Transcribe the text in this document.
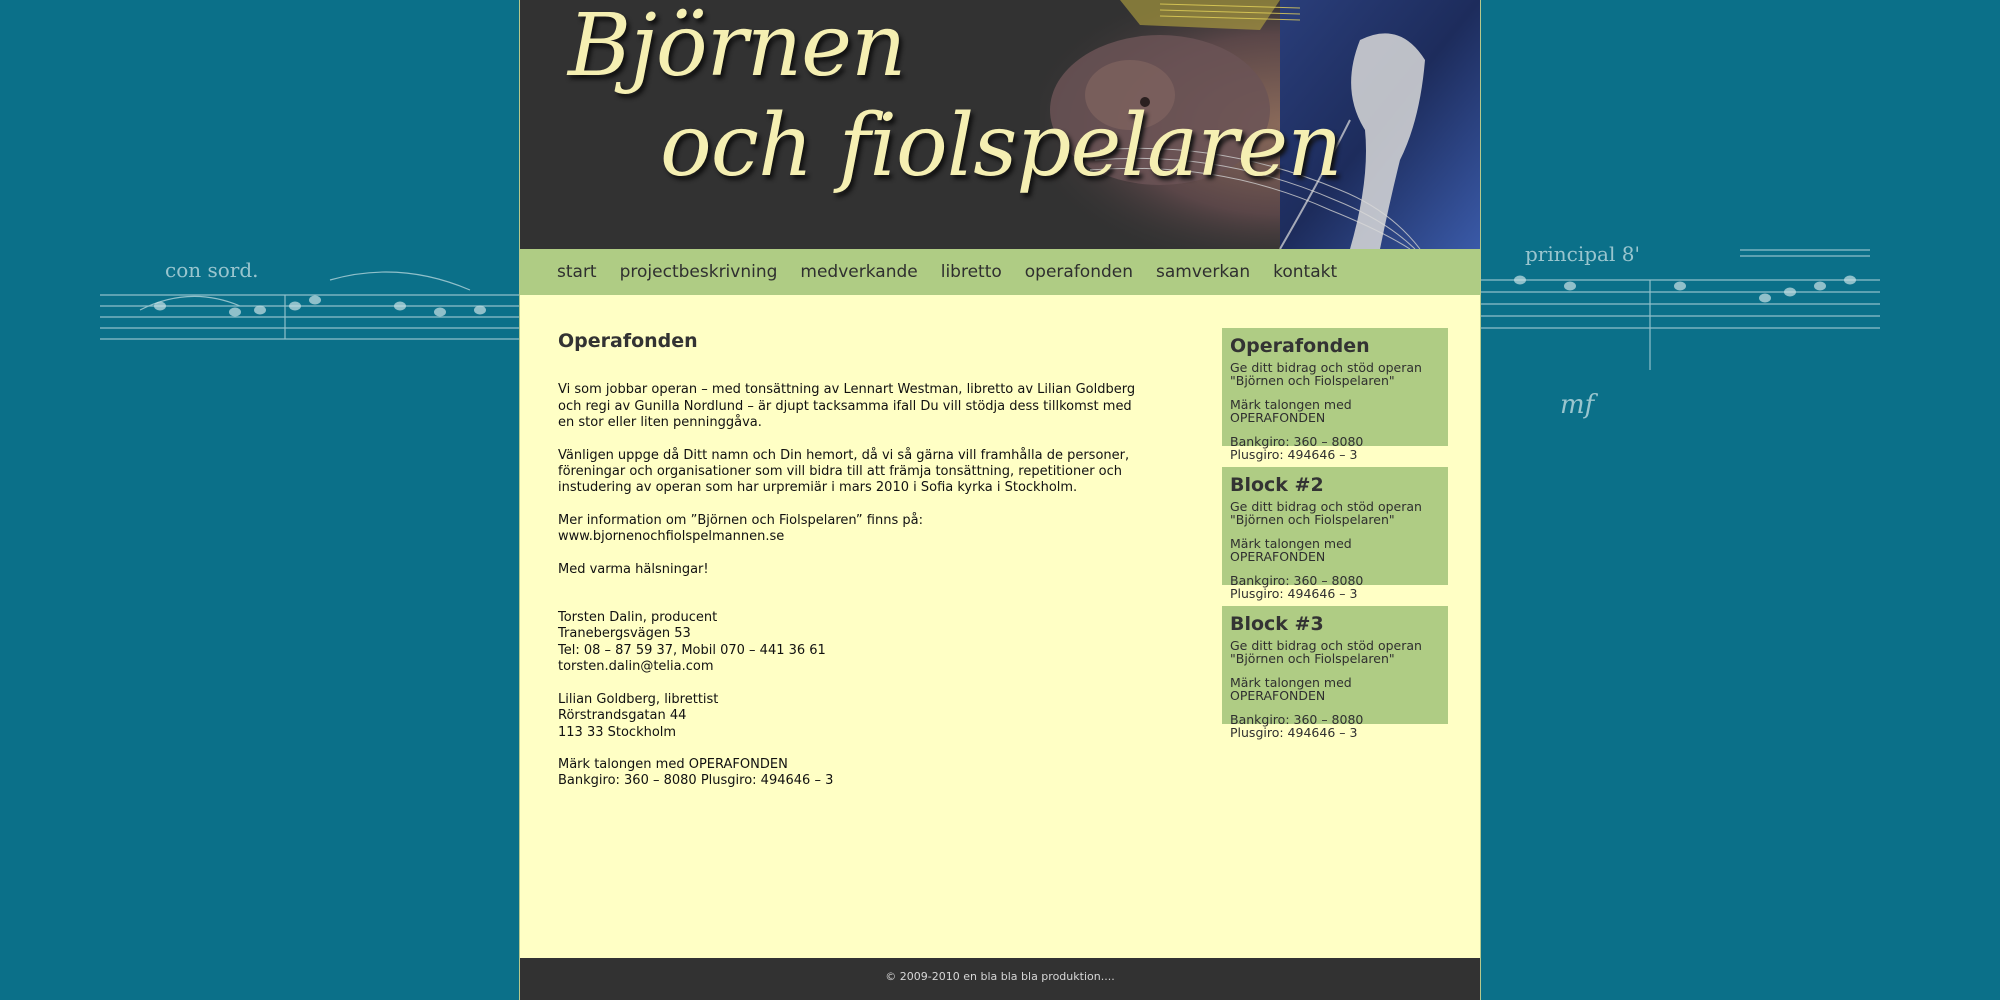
con sord.
principal 8'
mf
Björnen
och fiolspelaren
start projectbeskrivning medverkande libretto operafonden samverkan kontakt
Operafonden

Vi som jobbar operan – med tonsättning av Lennart Westman, libretto av Lilian Goldberg och regi av Gunilla Nordlund – är djupt tacksamma ifall Du vill stödja dess tillkomst med en stor eller liten penninggåva.

Vänligen uppge då Ditt namn och Din hemort, då vi så gärna vill framhålla de personer, föreningar och organisationer som vill bidra till att främja tonsättning, repetitioner och instudering av operan som har urpremiär i mars 2010 i Sofia kyrka i Stockholm.

Mer information om ”Björnen och Fiolspelaren” finns på: www.bjornenochfiolspelmannen.se

Med varma hälsningar!

Torsten Dalin, producent
Tranebergsvägen 53
Tel: 08 – 87 59 37, Mobil 070 – 441 36 61
torsten.dalin@telia.com

Lilian Goldberg, librettist
Rörstrandsgatan 44
113 33 Stockholm

Märk talongen med OPERAFONDEN
Bankgiro: 360 – 8080 Plusgiro: 494646 – 3

Operafonden

Ge ditt bidrag och stöd operan "Björnen och Fiolspelaren"

Märk talongen med OPERAFONDEN

Bankgiro: 360 – 8080
Plusgiro: 494646 – 3

Block #2

Ge ditt bidrag och stöd operan "Björnen och Fiolspelaren"

Märk talongen med OPERAFONDEN

Bankgiro: 360 – 8080
Plusgiro: 494646 – 3

Block #3

Ge ditt bidrag och stöd operan "Björnen och Fiolspelaren"

Märk talongen med OPERAFONDEN

Bankgiro: 360 – 8080
Plusgiro: 494646 – 3

© 2009-2010 en bla bla bla produktion....
